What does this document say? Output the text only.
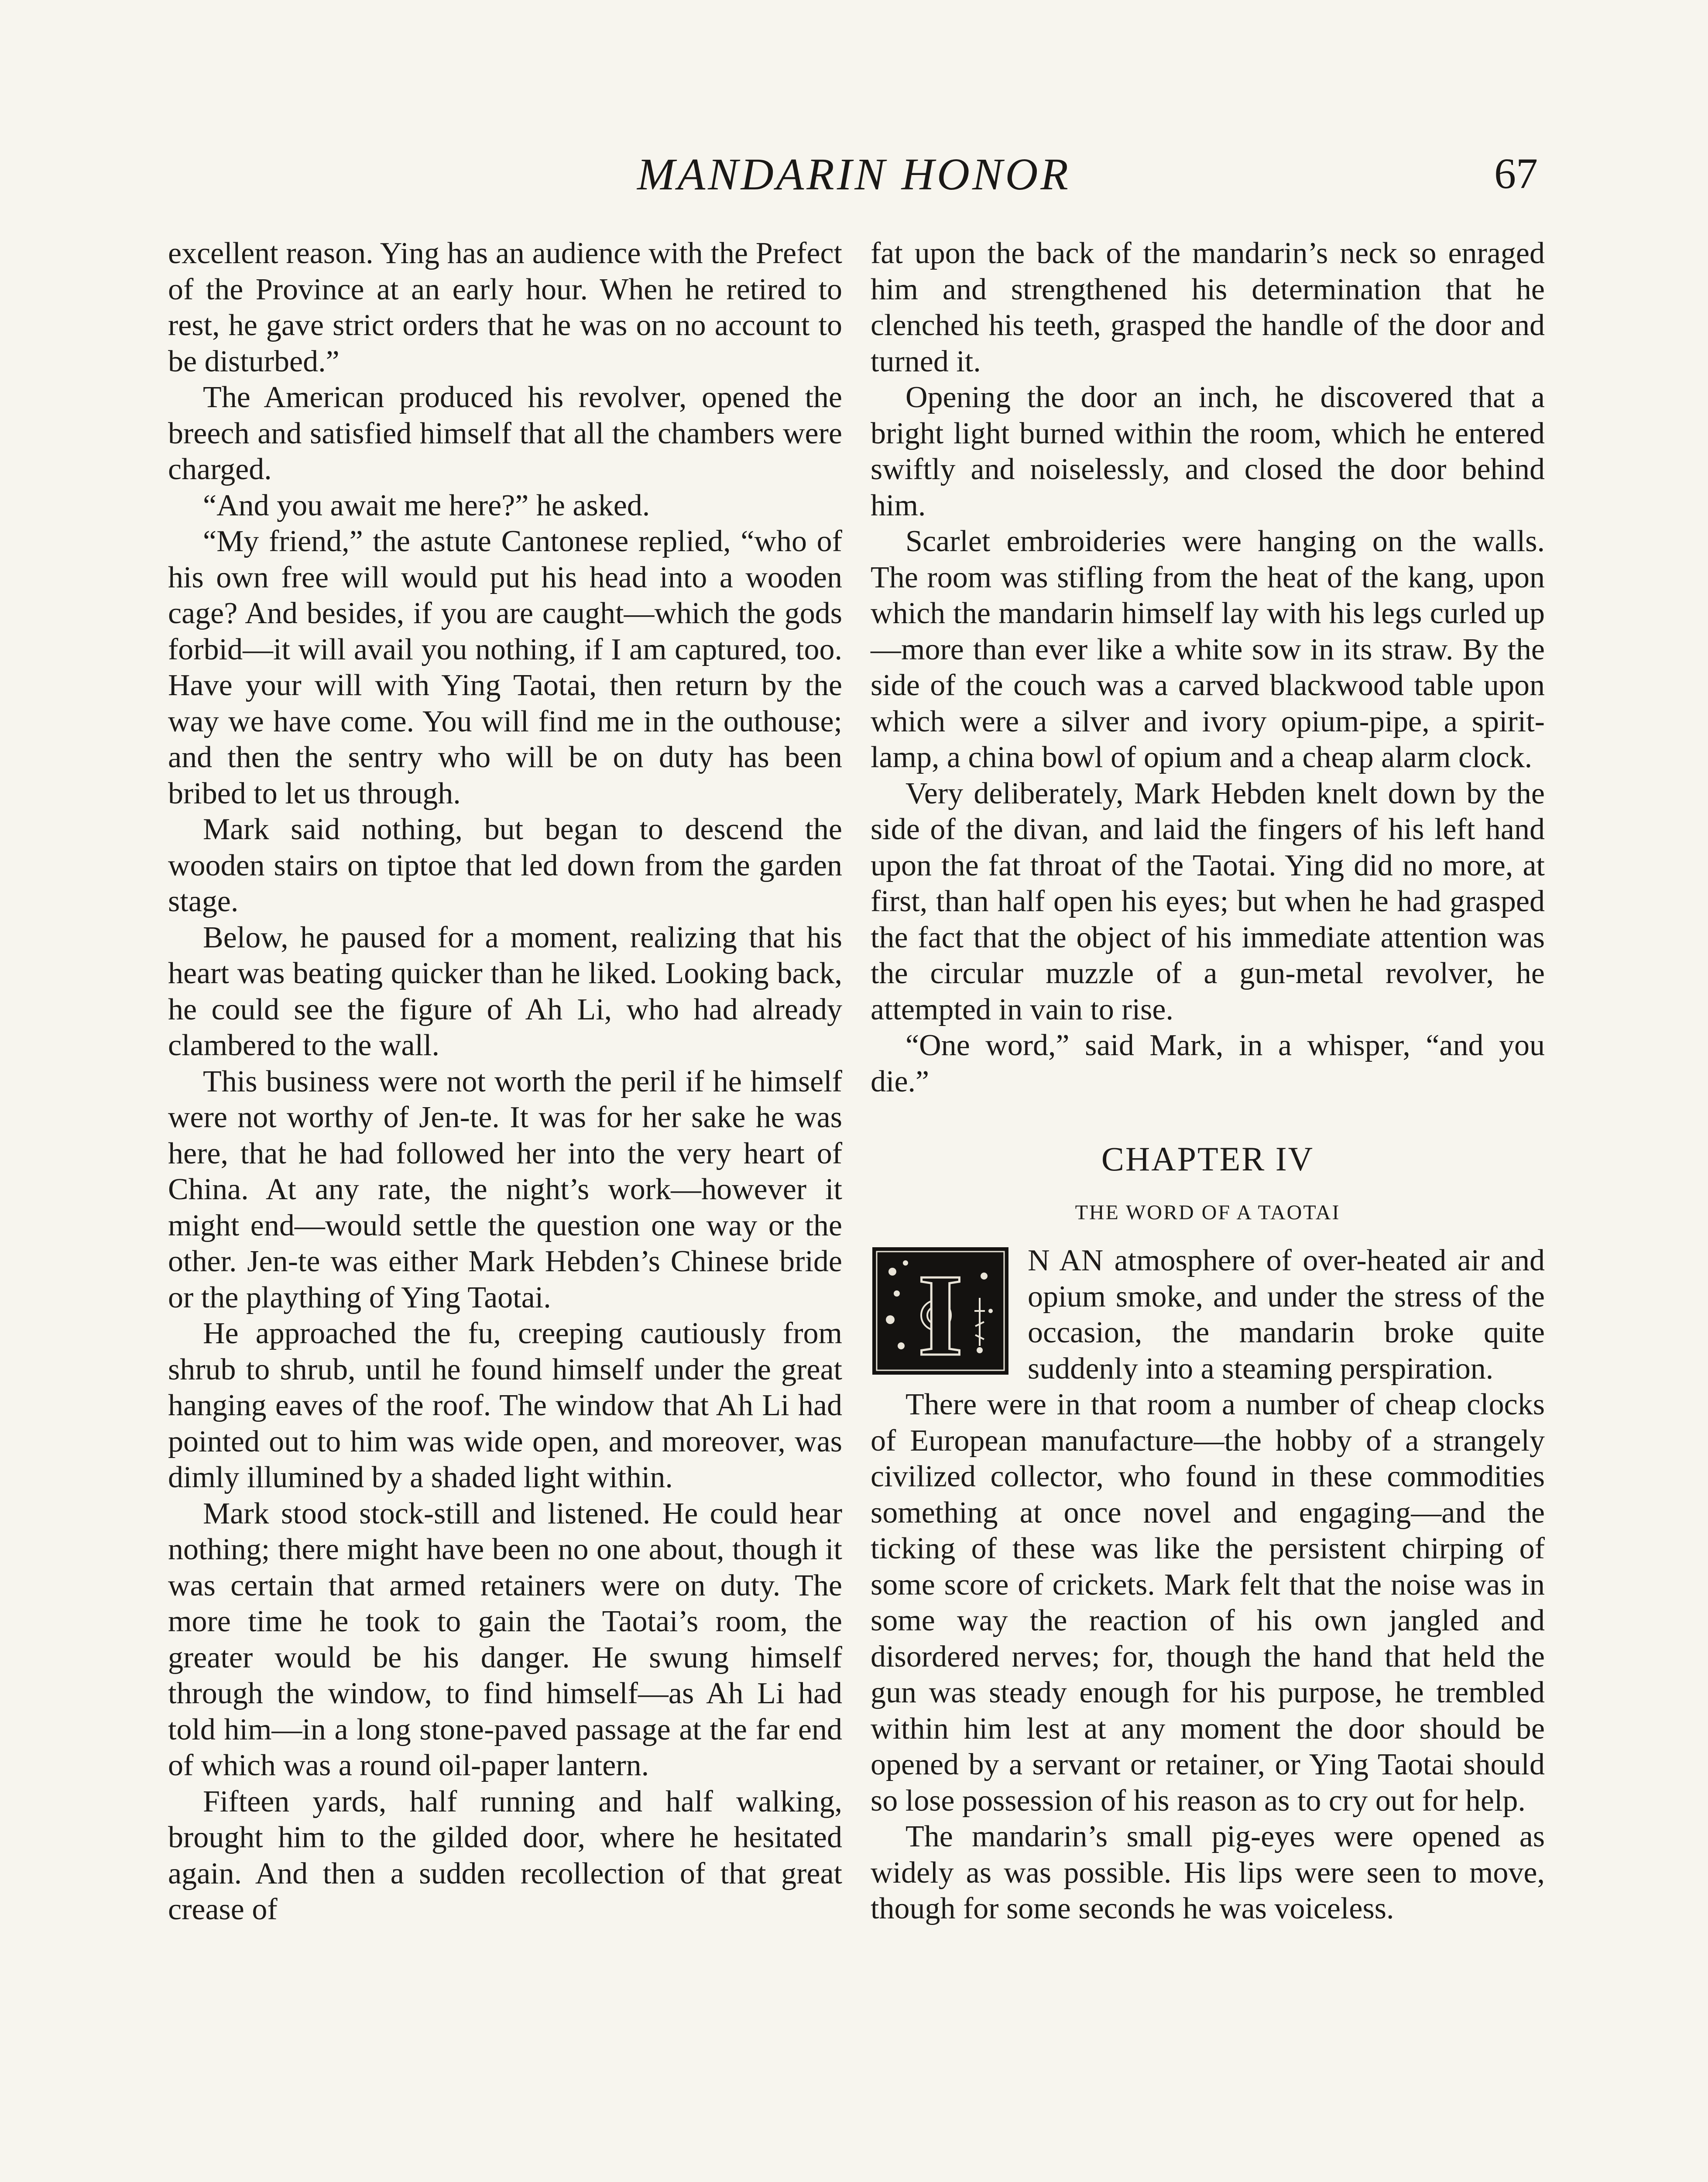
MANDARIN HONOR	67

excellent reason. Ying has an audience with the Prefect of the Province at an early hour. When he retired to rest, he gave strict orders that he was on no account to be disturbed.”

The American produced his revolver, opened the breech and satisfied himself that all the chambers were charged.

“And you await me here?” he asked.

“My friend,” the astute Cantonese replied, “who of his own free will would put his head into a wooden cage? And besides, if you are caught—which the gods forbid—it will avail you nothing, if I am captured, too. Have your will with Ying Taotai, then return by the way we have come. You will find me in the outhouse; and then the sentry who will be on duty has been bribed to let us through.

Mark said nothing, but began to descend the wooden stairs on tiptoe that led down from the garden stage.

Below, he paused for a moment, realizing that his heart was beating quicker than he liked. Looking back, he could see the figure of Ah Li, who had already clambered to the wall.

This business were not worth the peril if he himself were not worthy of Jen-te. It was for her sake he was here, that he had followed her into the very heart of China. At any rate, the night’s work—however it might end—would settle the question one way or the other. Jen-te was either Mark Hebden’s Chinese bride or the plaything of Ying Taotai.

He approached the fu, creeping cautiously from shrub to shrub, until he found himself under the great hanging eaves of the roof. The window that Ah Li had pointed out to him was wide open, and moreover, was dimly illumined by a shaded light within.

Mark stood stock-still and listened. He could hear nothing; there might have been no one about, though it was certain that armed retainers were on duty. The more time he took to gain the Taotai’s room, the greater would be his danger. He swung himself through the window, to find himself—as Ah Li had told him—in a long stone-paved passage at the far end of which was a round oil-paper lantern.

Fifteen yards, half running and half walking, brought him to the gilded door, where he hesitated again. And then a sudden recollection of that great crease of

fat upon the back of the mandarin’s neck so enraged him and strengthened his determination that he clenched his teeth, grasped the handle of the door and turned it.

Opening the door an inch, he discovered that a bright light burned within the room, which he entered swiftly and noiselessly, and closed the door behind him.

Scarlet embroideries were hanging on the walls. The room was stifling from the heat of the kang, upon which the mandarin himself lay with his legs curled up—more than ever like a white sow in its straw. By the side of the couch was a carved blackwood table upon which were a silver and ivory opium-pipe, a spirit-lamp, a china bowl of opium and a cheap alarm clock.

Very deliberately, Mark Hebden knelt down by the side of the divan, and laid the fingers of his left hand upon the fat throat of the Taotai. Ying did no more, at first, than half open his eyes; but when he had grasped the fact that the object of his immediate attention was the circular muzzle of a gun-metal revolver, he attempted in vain to rise.

“One word,” said Mark, in a whisper, “and you die.”

CHAPTER IV
THE WORD OF A TAOTAI

I N AN atmosphere of over-heated air and opium smoke, and under the stress of the occasion, the mandarin broke quite suddenly into a steaming perspiration.

There were in that room a number of cheap clocks of European manufacture—the hobby of a strangely civilized collector, who found in these commodities something at once novel and engaging—and the ticking of these was like the persistent chirping of some score of crickets. Mark felt that the noise was in some way the reaction of his own jangled and disordered nerves; for, though the hand that held the gun was steady enough for his purpose, he trembled within him lest at any moment the door should be opened by a servant or retainer, or Ying Taotai should so lose possession of his reason as to cry out for help.

The mandarin’s small pig-eyes were opened as widely as was possible. His lips were seen to move, though for some seconds he was voiceless.
